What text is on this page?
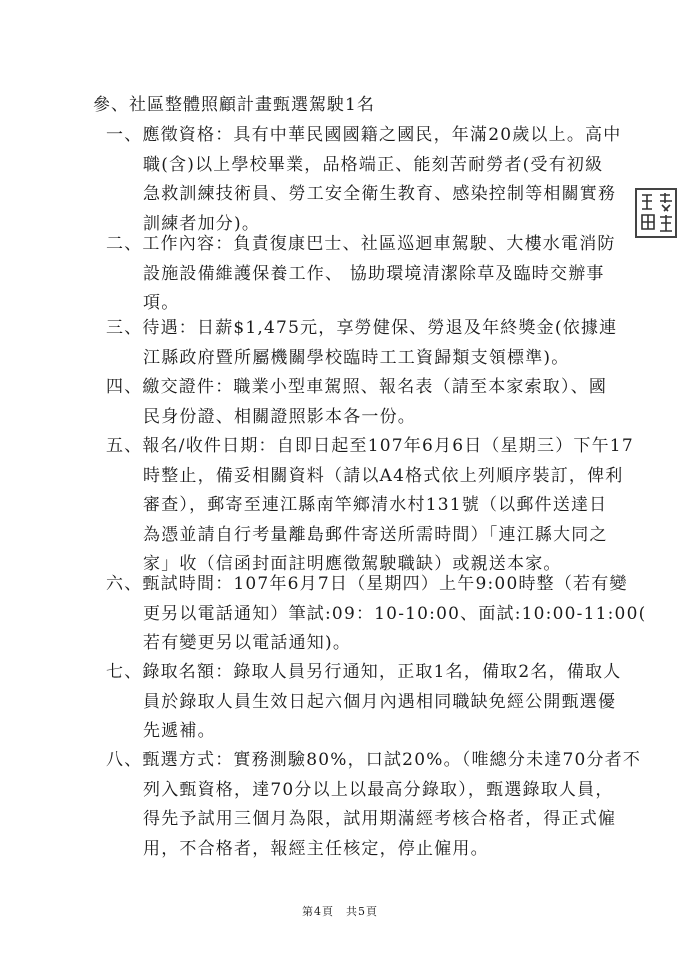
參、社區整體照顧計畫甄選駕駛1名
一、應徵資格：具有中華民國國籍之國民，年滿20歲以上。高中
職(含)以上學校畢業，品格端正、能刻苦耐勞者(受有初級
急救訓練技術員、勞工安全衛生教育、感染控制等相關實務
訓練者加分)。
二、工作內容：負責復康巴士、社區巡迴車駕駛、大樓水電消防
設施設備維護保養工作、 協助環境清潔除草及臨時交辦事
項。
三、待遇：日薪$1,475元，享勞健保、勞退及年終獎金(依據連
江縣政府暨所屬機關學校臨時工工資歸類支領標準)。
四、繳交證件：職業小型車駕照、報名表（請至本家索取）、國
民身份證、相關證照影本各一份。
五、報名/收件日期：自即日起至107年6月6日（星期三）下午17
時整止，備妥相關資料（請以A4格式依上列順序裝訂，俾利
審查），郵寄至連江縣南竿鄉清水村131號（以郵件送達日
為憑並請自行考量離島郵件寄送所需時間）「連江縣大同之
家」收（信函封面註明應徵駕駛職缺）或親送本家。
六、甄試時間：107年6月7日（星期四）上午9:00時整（若有變
更另以電話通知）筆試:09：10-10:00、面試:10:00-11:00(
若有變更另以電話通知)。
七、錄取名額：錄取人員另行通知，正取1名，備取2名，備取人
員於錄取人員生效日起六個月內遇相同職缺免經公開甄選優
先遞補。
八、甄選方式：實務測驗80%，口試20%。（唯總分未達70分者不
列入甄資格，達70分以上以最高分錄取），甄選錄取人員，
得先予試用三個月為限，試用期滿經考核合格者，得正式僱
用，不合格者，報經主任核定，停止僱用。
第4頁　共5頁
